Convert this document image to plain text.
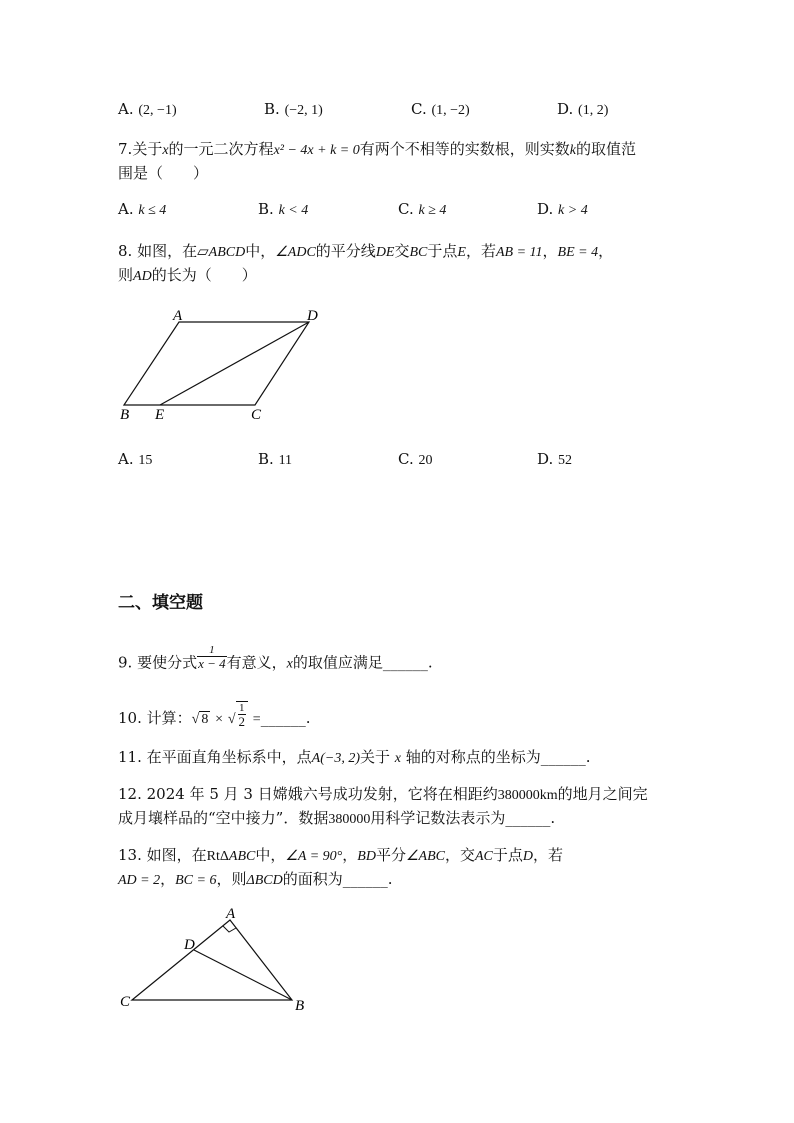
A. (2, −1)	B. (−2, 1)	C. (1, −2)	D. (1, 2)
7.关于x的一元二次方程x² − 4x + k = 0有两个不相等的实数根，则实数k的取值范
围是（　　）
A. k ≤ 4	B. k < 4	C. k ≥ 4	D. k > 4
8. 如图，在▱ABCD中，∠ADC的平分线DE交BC于点E，若AB = 11，BE = 4，
则AD的长为（　　）
A	D
B E	C
A. 15	B. 11	C. 20	D. 52
二、填空题
9. 要使分式 $\frac{1}{x - 4}$ 有意义，x的取值应满足______.
10. 计算：√ 8 × √ $\frac{1}{2}$ =______.
11. 在平面直角坐标系中，点A(−3, 2)关于 x 轴的对称点的坐标为______.
12. 2024 年 5 月 3 日嫦娥六号成功发射，它将在相距约380000km的地月之间完
成月壤样品的“空中接力”．数据380000用科学记数法表示为______.
13. 如图，在RtΔABC中，∠A = 90°，BD平分∠ABC，交AC于点D，若
AD = 2，BC = 6，则ΔBCD的面积为______.
A
D
C	B
